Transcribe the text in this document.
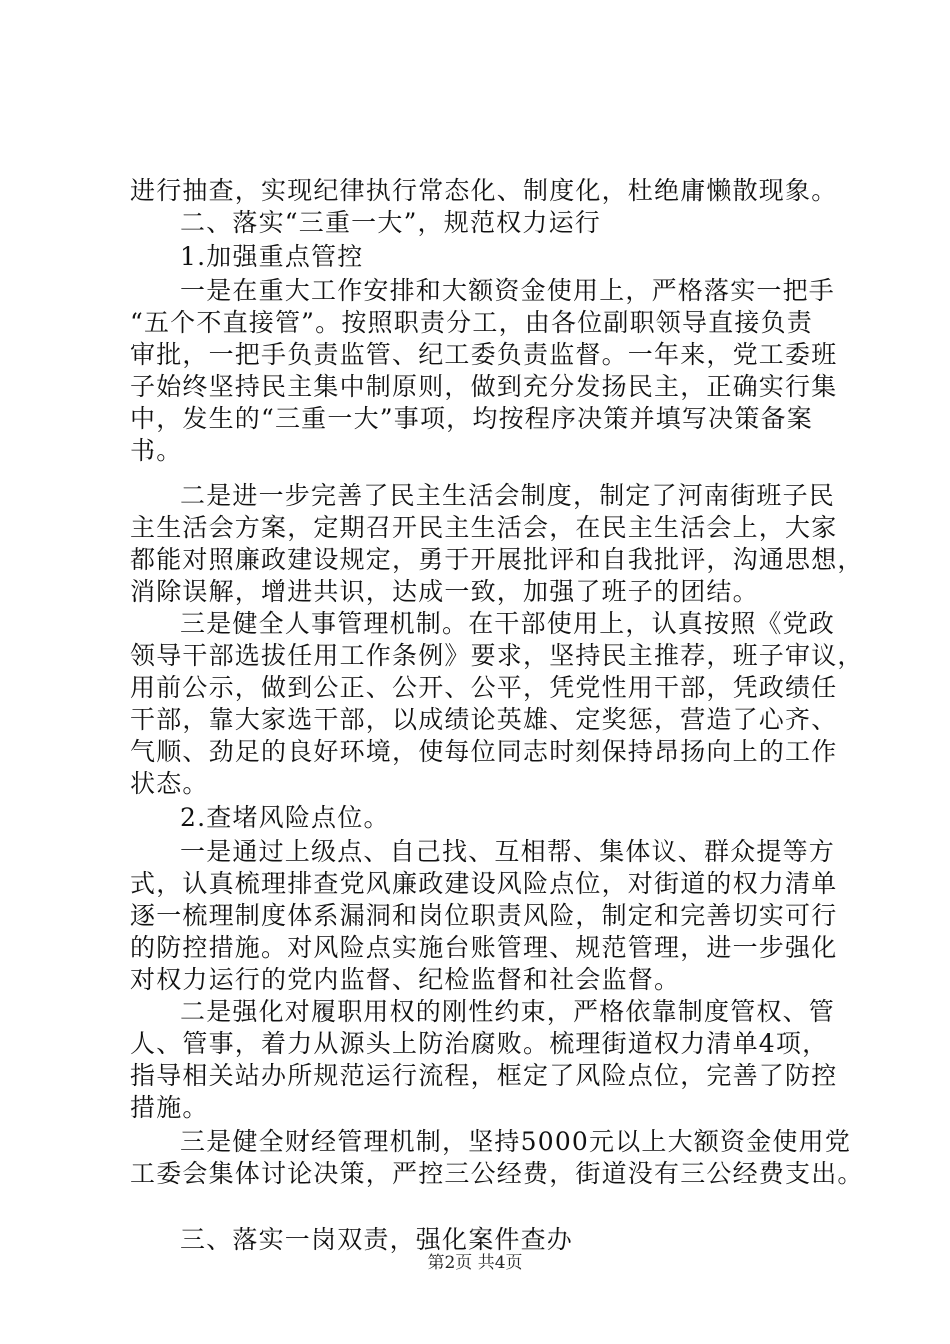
进行抽查，实现纪律执行常态化、制度化，杜绝庸懒散现象。
二、落实“三重一大”，规范权力运行
1.加强重点管控
一是在重大工作安排和大额资金使用上，严格落实一把手
“五个不直接管”。按照职责分工，由各位副职领导直接负责
审批，一把手负责监管、纪工委负责监督。一年来，党工委班
子始终坚持民主集中制原则，做到充分发扬民主，正确实行集
中，发生的“三重一大”事项，均按程序决策并填写决策备案
书。
二是进一步完善了民主生活会制度，制定了河南街班子民
主生活会方案，定期召开民主生活会，在民主生活会上，大家
都能对照廉政建设规定，勇于开展批评和自我批评，沟通思想，
消除误解，增进共识，达成一致，加强了班子的团结。
三是健全人事管理机制。在干部使用上，认真按照《党政
领导干部选拔任用工作条例》要求，坚持民主推荐，班子审议，
用前公示，做到公正、公开、公平，凭党性用干部，凭政绩任
干部，靠大家选干部，以成绩论英雄、定奖惩，营造了心齐、
气顺、劲足的良好环境，使每位同志时刻保持昂扬向上的工作
状态。
2.查堵风险点位。
一是通过上级点、自己找、互相帮、集体议、群众提等方
式，认真梳理排查党风廉政建设风险点位，对街道的权力清单
逐一梳理制度体系漏洞和岗位职责风险，制定和完善切实可行
的防控措施。对风险点实施台账管理、规范管理，进一步强化
对权力运行的党内监督、纪检监督和社会监督。
二是强化对履职用权的刚性约束，严格依靠制度管权、管
人、管事，着力从源头上防治腐败。梳理街道权力清单4项，
指导相关站办所规范运行流程，框定了风险点位，完善了防控
措施。
三是健全财经管理机制，坚持5000元以上大额资金使用党
工委会集体讨论决策，严控三公经费，街道没有三公经费支出。
三、落实一岗双责，强化案件查办
第2页 共4页
